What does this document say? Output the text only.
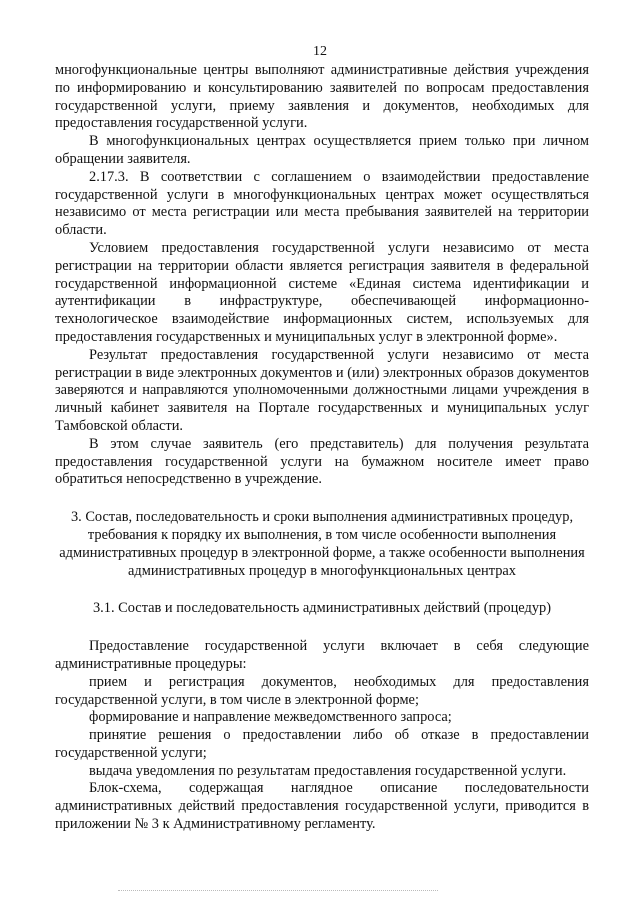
12

многофункциональные центры выполняют административные действия учреждения по информированию и консультированию заявителей по вопросам предоставления государственной услуги, приему заявления и документов, необходимых для предоставления государственной услуги.

В многофункциональных центрах осуществляется прием только при личном обращении заявителя.

2.17.3. В соответствии с соглашением о взаимодействии предоставление государственной услуги в многофункциональных центрах может осуществляться независимо от места регистрации или места пребывания заявителей на территории области.

Условием предоставления государственной услуги независимо от места регистрации на территории области является регистрация заявителя в федеральной государственной информационной системе «Единая система идентификации и аутентификации в инфраструктуре, обеспечивающей информационно-технологическое взаимодействие информационных систем, используемых для предоставления государственных и муниципальных услуг в электронной форме».

Результат предоставления государственной услуги независимо от места регистрации в виде электронных документов и (или) электронных образов документов заверяются и направляются уполномоченными должностными лицами учреждения в личный кабинет заявителя на Портале государственных и муниципальных услуг Тамбовской области.

В этом случае заявитель (его представитель) для получения результата предоставления государственной услуги на бумажном носителе имеет право обратиться непосредственно в учреждение.

3. Состав, последовательность и сроки выполнения административных процедур, требования к порядку их выполнения, в том числе особенности выполнения административных процедур в электронной форме, а также особенности выполнения административных процедур в многофункциональных центрах
3.1. Состав и последовательность административных действий (процедур)

Предоставление государственной услуги включает в себя следующие административные процедуры:

прием и регистрация документов, необходимых для предоставления государственной услуги, в том числе в электронной форме;

формирование и направление межведомственного запроса;

принятие решения о предоставлении либо об отказе в предоставлении государственной услуги;

выдача уведомления по результатам предоставления государственной услуги.

Блок-схема, содержащая наглядное описание последовательности административных действий предоставления государственной услуги, приводится в приложении № 3 к Административному регламенту.
